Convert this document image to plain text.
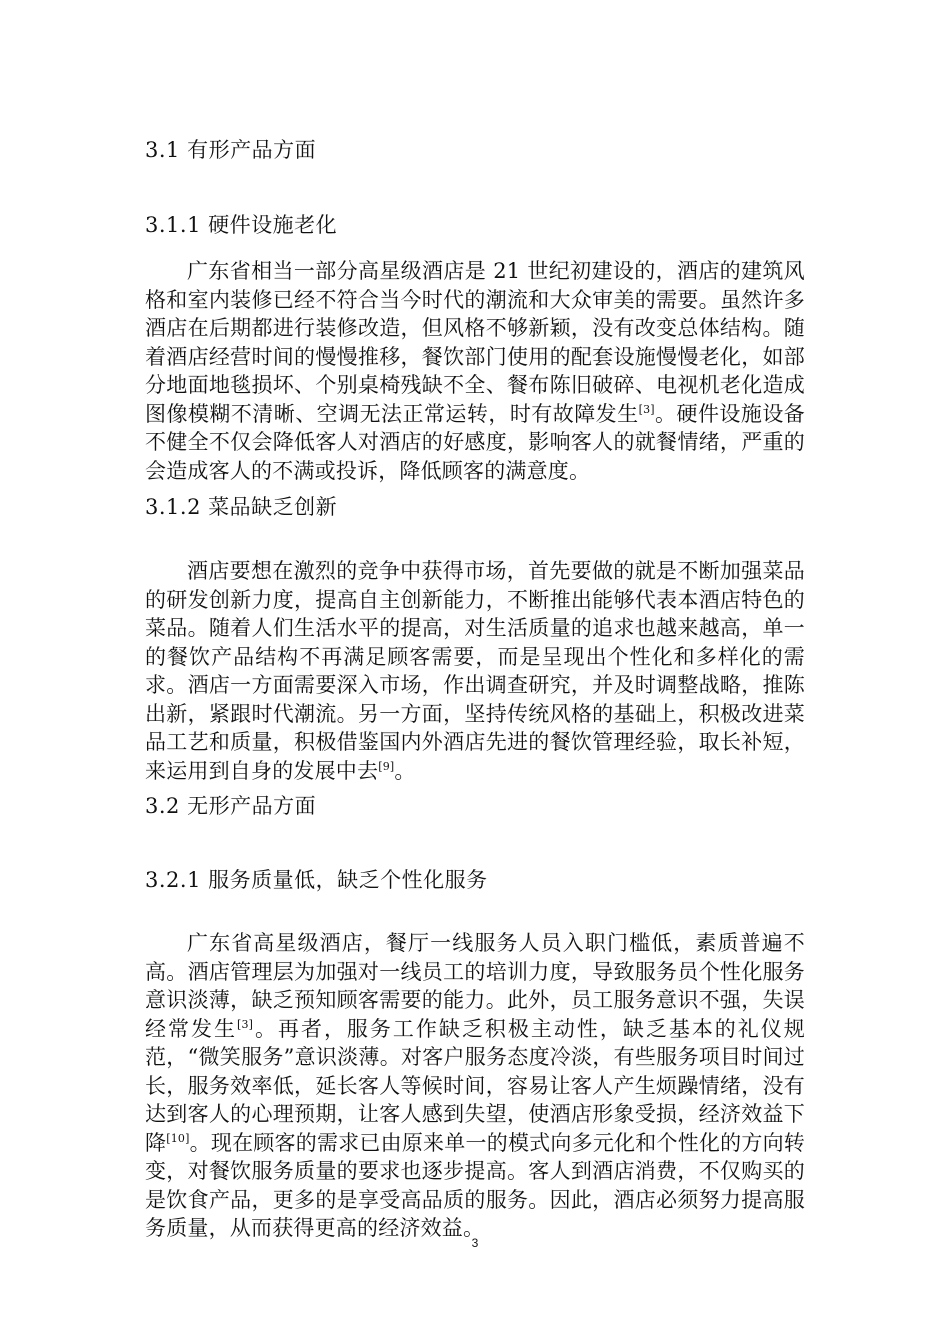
3.1 有形产品方面
3.1.1 硬件设施老化

广东省相当一部分高星级酒店是 21 世纪初建设的，酒店的建筑风格和室内装修已经不符合当今时代的潮流和大众审美的需要。虽然许多酒店在后期都进行装修改造，但风格不够新颖，没有改变总体结构。随着酒店经营时间的慢慢推移，餐饮部门使用的配套设施慢慢老化，如部分地面地毯损坏、个别桌椅残缺不全、餐布陈旧破碎、电视机老化造成图像模糊不清晰、空调无法正常运转，时有故障发生[3]。硬件设施设备不健全不仅会降低客人对酒店的好感度，影响客人的就餐情绪，严重的会造成客人的不满或投诉，降低顾客的满意度。

3.1.2 菜品缺乏创新

酒店要想在激烈的竞争中获得市场，首先要做的就是不断加强菜品的研发创新力度，提高自主创新能力，不断推出能够代表本酒店特色的菜品。随着人们生活水平的提高，对生活质量的追求也越来越高，单一的餐饮产品结构不再满足顾客需要，而是呈现出个性化和多样化的需求。酒店一方面需要深入市场，作出调查研究，并及时调整战略，推陈出新，紧跟时代潮流。另一方面，坚持传统风格的基础上，积极改进菜品工艺和质量，积极借鉴国内外酒店先进的餐饮管理经验，取长补短，来运用到自身的发展中去[9]。

3.2 无形产品方面
3.2.1 服务质量低，缺乏个性化服务

广东省高星级酒店，餐厅一线服务人员入职门槛低，素质普遍不高。酒店管理层为加强对一线员工的培训力度，导致服务员个性化服务意识淡薄，缺乏预知顾客需要的能力。此外，员工服务意识不强，失误经常发生[3]。再者，服务工作缺乏积极主动性，缺乏基本的礼仪规范，“微笑服务”意识淡薄。对客户服务态度冷淡，有些服务项目时间过长，服务效率低，延长客人等候时间，容易让客人产生烦躁情绪，没有达到客人的心理预期，让客人感到失望，使酒店形象受损，经济效益下降[10]。现在顾客的需求已由原来单一的模式向多元化和个性化的方向转变，对餐饮服务质量的要求也逐步提高。客人到酒店消费，不仅购买的是饮食产品，更多的是享受高品质的服务。因此，酒店必须努力提高服务质量，从而获得更高的经济效益。

3
